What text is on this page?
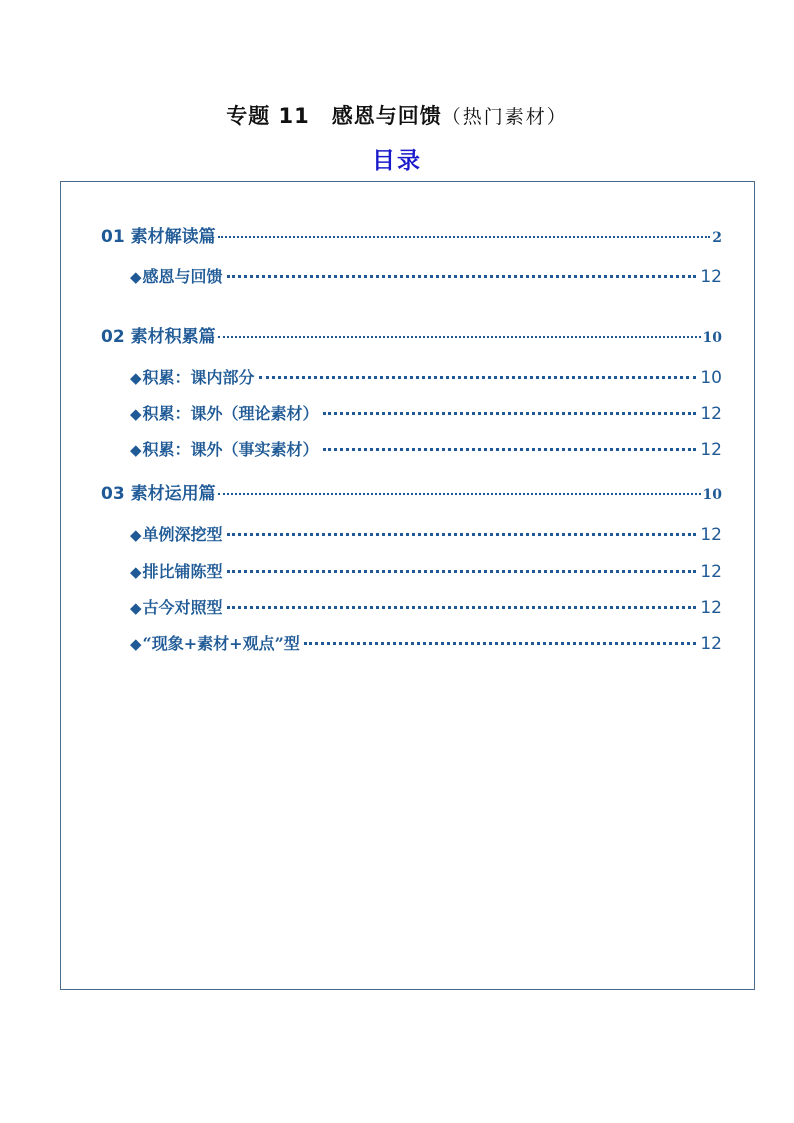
专题 11　感恩与回馈（热门素材）
目录
01 素材解读篇	2
◆感恩与回馈	12
02 素材积累篇	10
◆积累：课内部分	10
◆积累：课外（理论素材）	12
◆积累：课外（事实素材）	12
03 素材运用篇	10
◆单例深挖型	12
◆排比铺陈型	12
◆古今对照型	12
◆“现象+素材+观点”型	12
